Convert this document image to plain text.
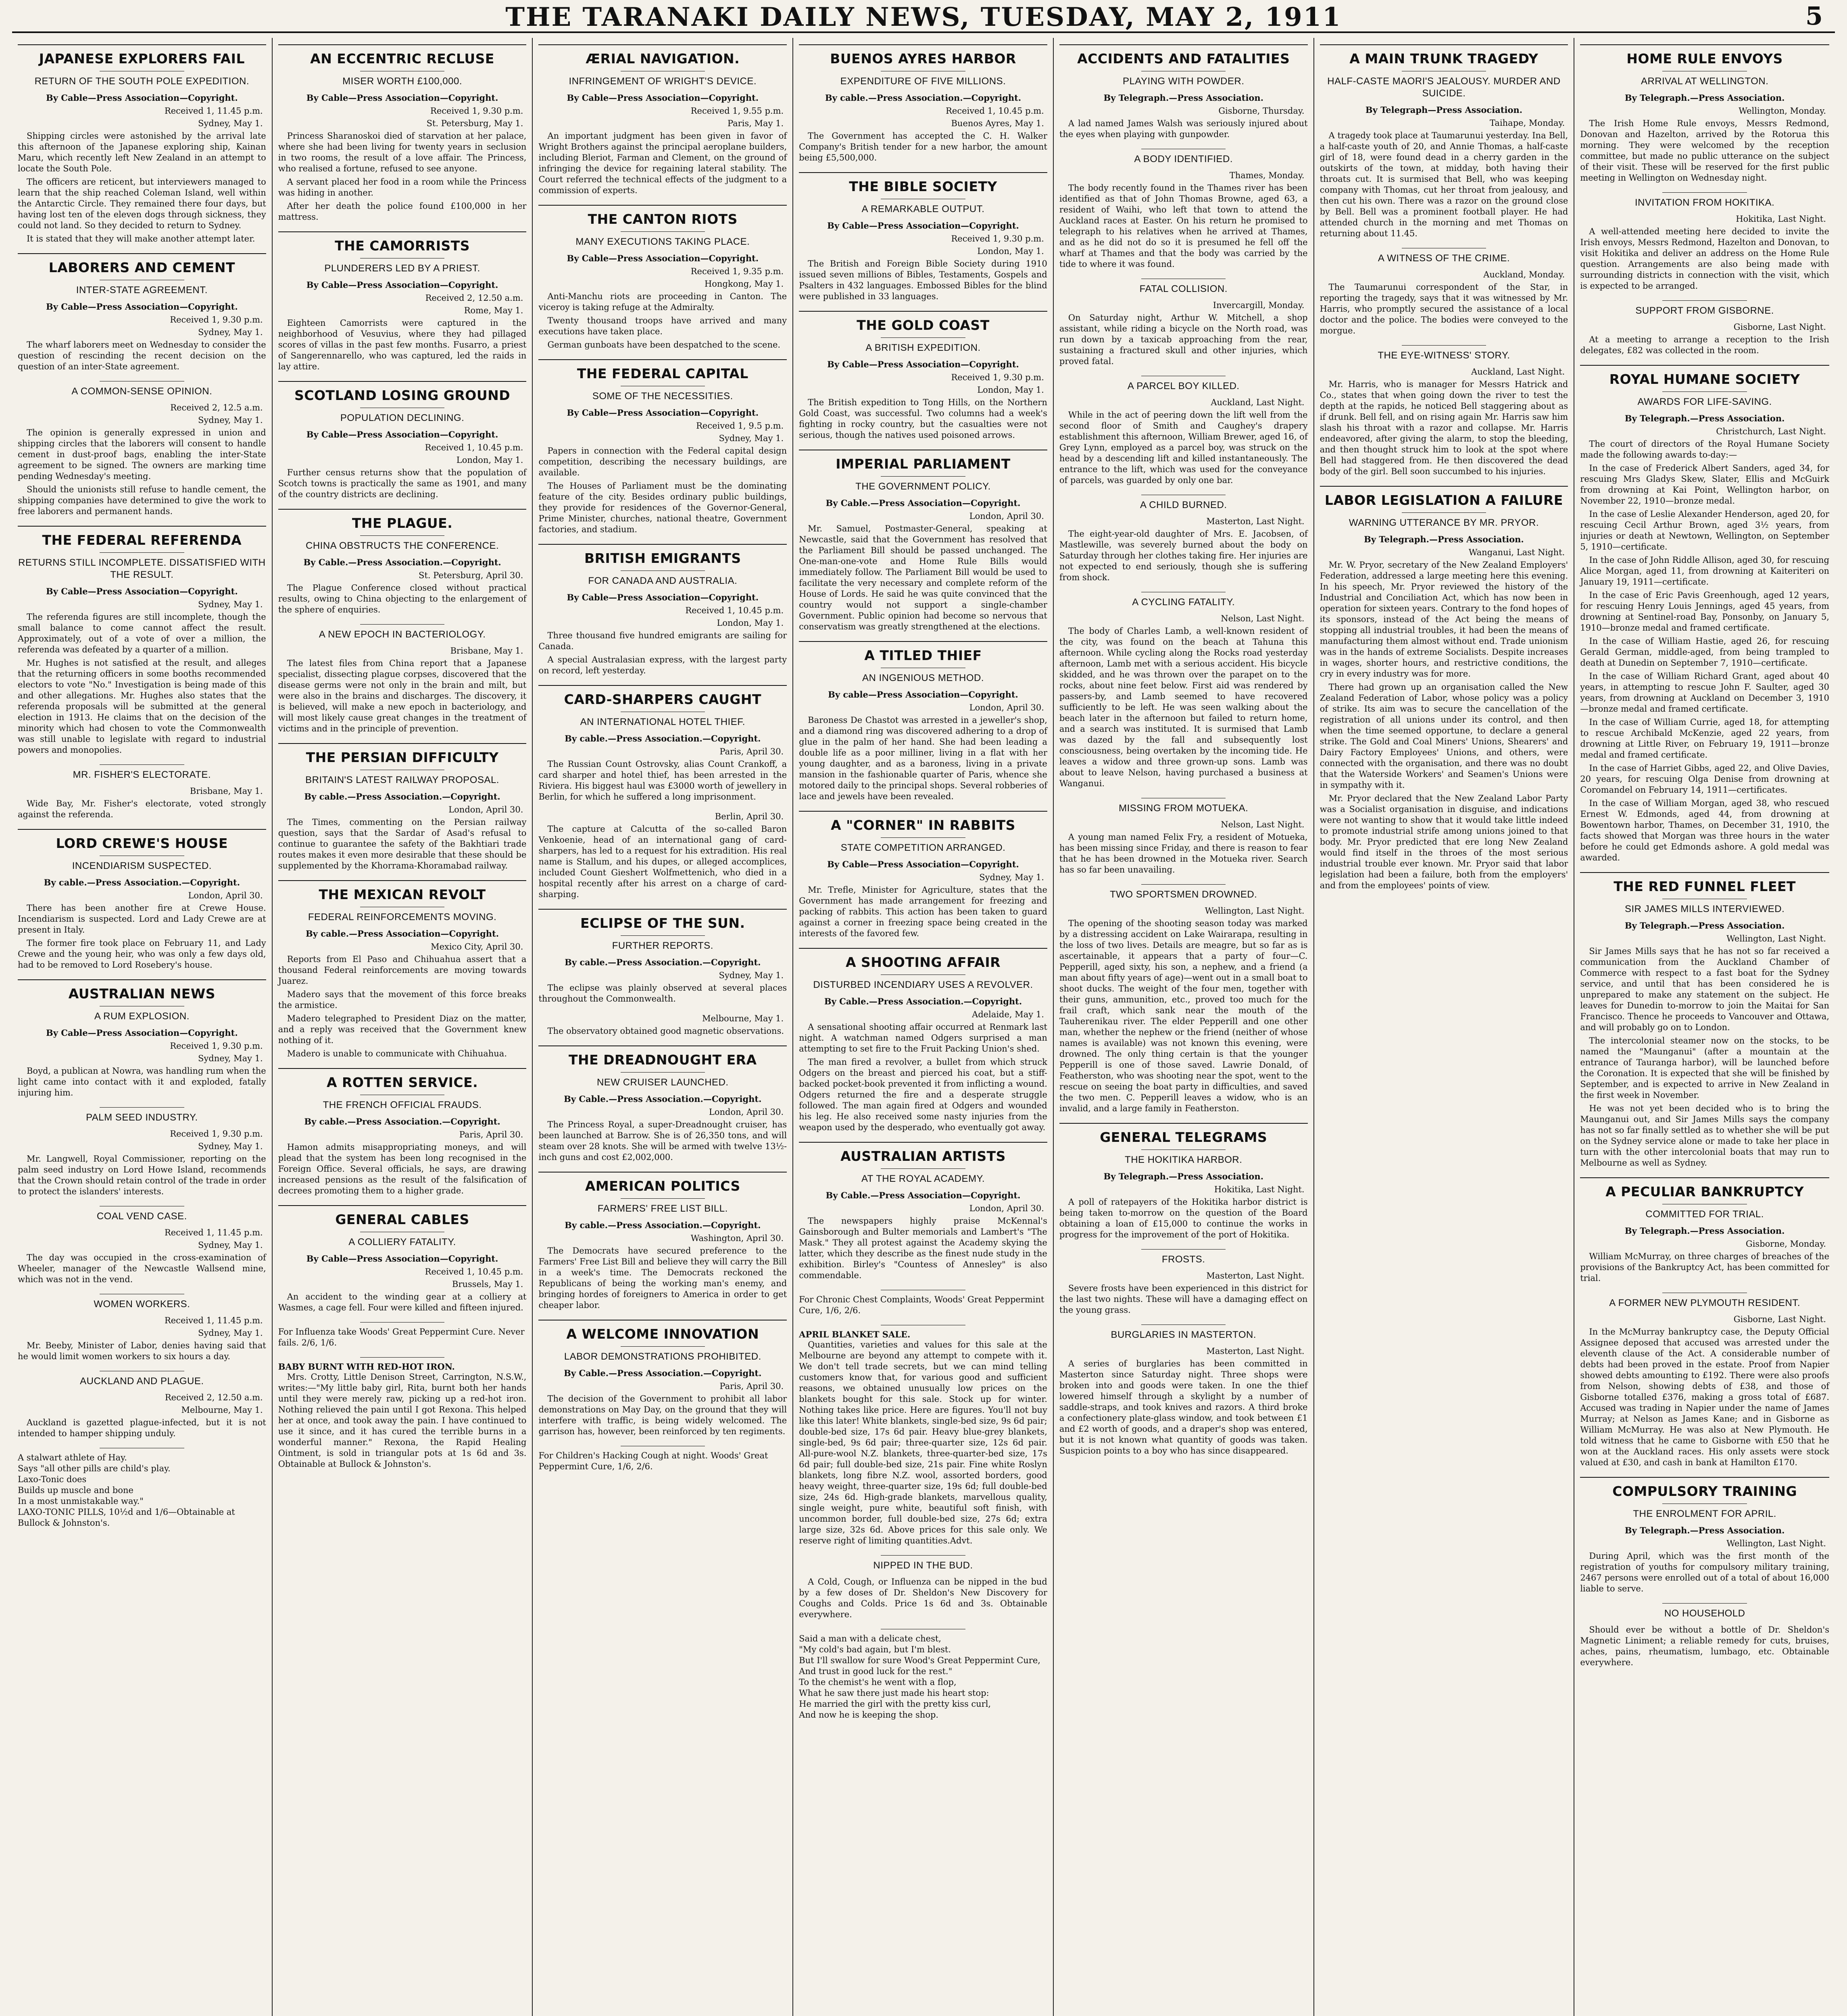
THE TARANAKI DAILY NEWS, TUESDAY, MAY 2, 1911	5
JAPANESE EXPLORERS FAIL
RETURN OF THE SOUTH POLE EXPEDITION.
By Cable—Press Association—Copyright.
Received 1, 11.45 p.m.
Sydney, May 1.
Shipping circles were astonished by the arrival late this afternoon of the Japanese exploring ship, Kainan Maru, which recently left New Zealand in an attempt to locate the South Pole.
The officers are reticent, but interviewers managed to learn that the ship reached Coleman Island, well within the Antarctic Circle. They remained there four days, but having lost ten of the eleven dogs through sickness, they could not land. So they decided to return to Sydney.
It is stated that they will make another attempt later.
LABORERS AND CEMENT
INTER-STATE AGREEMENT.
By Cable—Press Association—Copyright.
Received 1, 9.30 p.m.
Sydney, May 1.
The wharf laborers meet on Wednesday to consider the question of rescinding the recent decision on the question of an inter-State agreement.
A COMMON-SENSE OPINION.
Received 2, 12.5 a.m.
Sydney, May 1.
The opinion is generally expressed in union and shipping circles that the laborers will consent to handle cement in dust-proof bags, enabling the inter-State agreement to be signed. The owners are marking time pending Wednesday's meeting.
Should the unionists still refuse to handle cement, the shipping companies have determined to give the work to free laborers and permanent hands.
THE FEDERAL REFERENDA
RETURNS STILL INCOMPLETE. DISSATISFIED WITH THE RESULT.
By Cable—Press Association—Copyright.
Sydney, May 1.
The referenda figures are still incomplete, though the small balance to come cannot affect the result. Approximately, out of a vote of over a million, the referenda was defeated by a quarter of a million.
Mr. Hughes is not satisfied at the result, and alleges that the returning officers in some booths recommended electors to vote "No." Investigation is being made of this and other allegations. Mr. Hughes also states that the referenda proposals will be submitted at the general election in 1913. He claims that on the decision of the minority which had chosen to vote the Commonwealth was still unable to legislate with regard to industrial powers and monopolies.
MR. FISHER'S ELECTORATE.
Brisbane, May 1.
Wide Bay, Mr. Fisher's electorate, voted strongly against the referenda.
LORD CREWE'S HOUSE
INCENDIARISM SUSPECTED.
By cable.—Press Association.—Copyright.
London, April 30.
There has been another fire at Crewe House. Incendiarism is suspected. Lord and Lady Crewe are at present in Italy.
The former fire took place on February 11, and Lady Crewe and the young heir, who was only a few days old, had to be removed to Lord Rosebery's house.
AUSTRALIAN NEWS
A RUM EXPLOSION.
By Cable—Press Association—Copyright.
Received 1, 9.30 p.m.
Sydney, May 1.
Boyd, a publican at Nowra, was handling rum when the light came into contact with it and exploded, fatally injuring him.
PALM SEED INDUSTRY.
Received 1, 9.30 p.m.
Sydney, May 1.
Mr. Langwell, Royal Commissioner, reporting on the palm seed industry on Lord Howe Island, recommends that the Crown should retain control of the trade in order to protect the islanders' interests.
COAL VEND CASE.
Received 1, 11.45 p.m.
Sydney, May 1.
The day was occupied in the cross-examination of Wheeler, manager of the Newcastle Wallsend mine, which was not in the vend.
WOMEN WORKERS.
Received 1, 11.45 p.m.
Sydney, May 1.
Mr. Beeby, Minister of Labor, denies having said that he would limit women workers to six hours a day.
AUCKLAND AND PLAGUE.
Received 2, 12.50 a.m.
Melbourne, May 1.
Auckland is gazetted plague-infected, but it is not intended to hamper shipping unduly.
A stalwart athlete of Hay.
Says "all other pills are child's play.
Laxo-Tonic does
Builds up muscle and bone
In a most unmistakable way."
LAXO-TONIC PILLS, 10½d and 1/6—Obtainable at Bullock & Johnston's.
AN ECCENTRIC RECLUSE
MISER WORTH £100,000.
By Cable—Press Association—Copyright.
Received 1, 9.30 p.m.
St. Petersburg, May 1.
Princess Sharanoskoi died of starvation at her palace, where she had been living for twenty years in seclusion in two rooms, the result of a love affair. The Princess, who realised a fortune, refused to see anyone.
A servant placed her food in a room while the Princess was hiding in another.
After her death the police found £100,000 in her mattress.
THE CAMORRISTS
PLUNDERERS LED BY A PRIEST.
By Cable—Press Association—Copyright.
Received 2, 12.50 a.m.
Rome, May 1.
Eighteen Camorrists were captured in the neighborhood of Vesuvius, where they had pillaged scores of villas in the past few months. Fusarro, a priest of Sangerennarello, who was captured, led the raids in lay attire.
SCOTLAND LOSING GROUND
POPULATION DECLINING.
By Cable—Press Association—Copyright.
Received 1, 10.45 p.m.
London, May 1.
Further census returns show that the population of Scotch towns is practically the same as 1901, and many of the country districts are declining.
THE PLAGUE.
CHINA OBSTRUCTS THE CONFERENCE.
By Cable.—Press Association.—Copyright.
St. Petersburg, April 30.
The Plague Conference closed without practical results, owing to China objecting to the enlargement of the sphere of enquiries.
A NEW EPOCH IN BACTERIOLOGY.
Brisbane, May 1.
The latest files from China report that a Japanese specialist, dissecting plague corpses, discovered that the disease germs were not only in the brain and milt, but were also in the brains and discharges. The discovery, it is believed, will make a new epoch in bacteriology, and will most likely cause great changes in the treatment of victims and in the principle of prevention.
THE PERSIAN DIFFICULTY
BRITAIN'S LATEST RAILWAY PROPOSAL.
By cable.—Press Association.—Copyright.
London, April 30.
The Times, commenting on the Persian railway question, says that the Sardar of Asad's refusal to continue to guarantee the safety of the Bakhtiari trade routes makes it even more desirable that these should be supplemented by the Khorrama-Khoramabad railway.
THE MEXICAN REVOLT
FEDERAL REINFORCEMENTS MOVING.
By cable.—Press Association—Copyright.
Mexico City, April 30.
Reports from El Paso and Chihuahua assert that a thousand Federal reinforcements are moving towards Juarez.
Madero says that the movement of this force breaks the armistice.
Madero telegraphed to President Diaz on the matter, and a reply was received that the Government knew nothing of it.
Madero is unable to communicate with Chihuahua.
A ROTTEN SERVICE.
THE FRENCH OFFICIAL FRAUDS.
By cable.—Press Association.—Copyright.
Paris, April 30.
Hamon admits misappropriating moneys, and will plead that the system has been long recognised in the Foreign Office. Several officials, he says, are drawing increased pensions as the result of the falsification of decrees promoting them to a higher grade.
GENERAL CABLES
A COLLIERY FATALITY.
By Cable—Press Association—Copyright.
Received 1, 10.45 p.m.
Brussels, May 1.
An accident to the winding gear at a colliery at Wasmes, a cage fell. Four were killed and fifteen injured.
For Influenza take Woods' Great Peppermint Cure. Never fails. 2/6, 1/6.
BABY BURNT WITH RED-HOT IRON.
Mrs. Crotty, Little Denison Street, Carrington, N.S.W., writes:—"My little baby girl, Rita, burnt both her hands until they were merely raw, picking up a red-hot iron. Nothing relieved the pain until I got Rexona. This helped her at once, and took away the pain. I have continued to use it since, and it has cured the terrible burns in a wonderful manner." Rexona, the Rapid Healing Ointment, is sold in triangular pots at 1s 6d and 3s. Obtainable at Bullock & Johnston's.
ÆRIAL NAVIGATION.
INFRINGEMENT OF WRIGHT'S DEVICE.
By Cable—Press Association—Copyright.
Received 1, 9.55 p.m.
Paris, May 1.
An important judgment has been given in favor of Wright Brothers against the principal aeroplane builders, including Bleriot, Farman and Clement, on the ground of infringing the device for regaining lateral stability. The Court referred the technical effects of the judgment to a commission of experts.
THE CANTON RIOTS
MANY EXECUTIONS TAKING PLACE.
By Cable—Press Association—Copyright.
Received 1, 9.35 p.m.
Hongkong, May 1.
Anti-Manchu riots are proceeding in Canton. The viceroy is taking refuge at the Admiralty.
Twenty thousand troops have arrived and many executions have taken place.
German gunboats have been despatched to the scene.
THE FEDERAL CAPITAL
SOME OF THE NECESSITIES.
By Cable—Press Association—Copyright.
Received 1, 9.5 p.m.
Sydney, May 1.
Papers in connection with the Federal capital design competition, describing the necessary buildings, are available.
The Houses of Parliament must be the dominating feature of the city. Besides ordinary public buildings, they provide for residences of the Governor-General, Prime Minister, churches, national theatre, Government factories, and stadium.
BRITISH EMIGRANTS
FOR CANADA AND AUSTRALIA.
By Cable—Press Association—Copyright.
Received 1, 10.45 p.m.
London, May 1.
Three thousand five hundred emigrants are sailing for Canada.
A special Australasian express, with the largest party on record, left yesterday.
CARD-SHARPERS CAUGHT
AN INTERNATIONAL HOTEL THIEF.
By cable.—Press Association.—Copyright.
Paris, April 30.
The Russian Count Ostrovsky, alias Count Crankoff, a card sharper and hotel thief, has been arrested in the Riviera. His biggest haul was £3000 worth of jewellery in Berlin, for which he suffered a long imprisonment.
Berlin, April 30.
The capture at Calcutta of the so-called Baron Venkoenie, head of an international gang of card-sharpers, has led to a request for his extradition. His real name is Stallum, and his dupes, or alleged accomplices, included Count Gieshert Wolfmettenich, who died in a hospital recently after his arrest on a charge of card-sharping.
ECLIPSE OF THE SUN.
FURTHER REPORTS.
By cable.—Press Association.—Copyright.
Sydney, May 1.
The eclipse was plainly observed at several places throughout the Commonwealth.
Melbourne, May 1.
The observatory obtained good magnetic observations.
THE DREADNOUGHT ERA
NEW CRUISER LAUNCHED.
By Cable.—Press Association.—Copyright.
London, April 30.
The Princess Royal, a super-Dreadnought cruiser, has been launched at Barrow. She is of 26,350 tons, and will steam over 28 knots. She will be armed with twelve 13½-inch guns and cost £2,002,000.
AMERICAN POLITICS
FARMERS' FREE LIST BILL.
By cable.—Press Association.—Copyright.
Washington, April 30.
The Democrats have secured preference to the Farmers' Free List Bill and believe they will carry the Bill in a week's time. The Democrats reckoned the Republicans of being the working man's enemy, and bringing hordes of foreigners to America in order to get cheaper labor.
A WELCOME INNOVATION
LABOR DEMONSTRATIONS PROHIBITED.
By Cable.—Press Association.—Copyright.
Paris, April 30.
The decision of the Government to prohibit all labor demonstrations on May Day, on the ground that they will interfere with traffic, is being widely welcomed. The garrison has, however, been reinforced by ten regiments.
For Children's Hacking Cough at night. Woods' Great Peppermint Cure, 1/6, 2/6.
BUENOS AYRES HARBOR
EXPENDITURE OF FIVE MILLIONS.
By cable.—Press Association.—Copyright.
Received 1, 10.45 p.m.
Buenos Ayres, May 1.
The Government has accepted the C. H. Walker Company's British tender for a new harbor, the amount being £5,500,000.
THE BIBLE SOCIETY
A REMARKABLE OUTPUT.
By Cable—Press Association—Copyright.
Received 1, 9.30 p.m.
London, May 1.
The British and Foreign Bible Society during 1910 issued seven millions of Bibles, Testaments, Gospels and Psalters in 432 languages. Embossed Bibles for the blind were published in 33 languages.
THE GOLD COAST
A BRITISH EXPEDITION.
By Cable—Press Association—Copyright.
Received 1, 9.30 p.m.
London, May 1.
The British expedition to Tong Hills, on the Northern Gold Coast, was successful. Two columns had a week's fighting in rocky country, but the casualties were not serious, though the natives used poisoned arrows.
IMPERIAL PARLIAMENT
THE GOVERNMENT POLICY.
By Cable.—Press Association—Copyright.
London, April 30.
Mr. Samuel, Postmaster-General, speaking at Newcastle, said that the Government has resolved that the Parliament Bill should be passed unchanged. The One-man-one-vote and Home Rule Bills would immediately follow. The Parliament Bill would be used to facilitate the very necessary and complete reform of the House of Lords. He said he was quite convinced that the country would not support a single-chamber Government. Public opinion had become so nervous that conservatism was greatly strengthened at the elections.
A TITLED THIEF
AN INGENIOUS METHOD.
By cable—Press Association—Copyright.
London, April 30.
Baroness De Chastot was arrested in a jeweller's shop, and a diamond ring was discovered adhering to a drop of glue in the palm of her hand. She had been leading a double life as a poor milliner, living in a flat with her young daughter, and as a baroness, living in a private mansion in the fashionable quarter of Paris, whence she motored daily to the principal shops. Several robberies of lace and jewels have been revealed.
A "CORNER" IN RABBITS
STATE COMPETITION ARRANGED.
By Cable—Press Association—Copyright.
Sydney, May 1.
Mr. Trefle, Minister for Agriculture, states that the Government has made arrangement for freezing and packing of rabbits. This action has been taken to guard against a corner in freezing space being created in the interests of the favored few.
A SHOOTING AFFAIR
DISTURBED INCENDIARY USES A REVOLVER.
By Cable.—Press Association.—Copyright.
Adelaide, May 1.
A sensational shooting affair occurred at Renmark last night. A watchman named Odgers surprised a man attempting to set fire to the Fruit Packing Union's shed.
The man fired a revolver, a bullet from which struck Odgers on the breast and pierced his coat, but a stiff-backed pocket-book prevented it from inflicting a wound. Odgers returned the fire and a desperate struggle followed. The man again fired at Odgers and wounded his leg. He also received some nasty injuries from the weapon used by the desperado, who eventually got away.
AUSTRALIAN ARTISTS
AT THE ROYAL ACADEMY.
By Cable.—Press Association—Copyright.
London, April 30.
The newspapers highly praise McKennal's Gainsborough and Bulter memorials and Lambert's "The Mask." They all protest against the Academy skying the latter, which they describe as the finest nude study in the exhibition. Birley's "Countess of Annesley" is also commendable.
For Chronic Chest Complaints, Woods' Great Peppermint Cure, 1/6, 2/6.
APRIL BLANKET SALE.
Quantities, varieties and values for this sale at the Melbourne are beyond any attempt to compete with it. We don't tell trade secrets, but we can mind telling customers know that, for various good and sufficient reasons, we obtained unusually low prices on the blankets bought for this sale. Stock up for winter. Nothing takes like price. Here are figures. You'll not buy like this later! White blankets, single-bed size, 9s 6d pair; double-bed size, 17s 6d pair. Heavy blue-grey blankets, single-bed, 9s 6d pair; three-quarter size, 12s 6d pair. All-pure-wool N.Z. blankets, three-quarter-bed size, 17s 6d pair; full double-bed size, 21s pair. Fine white Roslyn blankets, long fibre N.Z. wool, assorted borders, good heavy weight, three-quarter size, 19s 6d; full double-bed size, 24s 6d. High-grade blankets, marvellous quality, single weight, pure white, beautiful soft finish, with uncommon border, full double-bed size, 27s 6d; extra large size, 32s 6d. Above prices for this sale only. We reserve right of limiting quantities.Advt.
NIPPED IN THE BUD.
A Cold, Cough, or Influenza can be nipped in the bud by a few doses of Dr. Sheldon's New Discovery for Coughs and Colds. Price 1s 6d and 3s. Obtainable everywhere.
Said a man with a delicate chest,
"My cold's bad again, but I'm blest.
But I'll swallow for sure Wood's Great Peppermint Cure,
And trust in good luck for the rest."
To the chemist's he went with a flop,
What he saw there just made his heart stop:
He married the girl with the pretty kiss curl,
And now he is keeping the shop.
ACCIDENTS AND FATALITIES
PLAYING WITH POWDER.
By Telegraph.—Press Association.
Gisborne, Thursday.
A lad named James Walsh was seriously injured about the eyes when playing with gunpowder.
A BODY IDENTIFIED.
Thames, Monday.
The body recently found in the Thames river has been identified as that of John Thomas Browne, aged 63, a resident of Waihi, who left that town to attend the Auckland races at Easter. On his return he promised to telegraph to his relatives when he arrived at Thames, and as he did not do so it is presumed he fell off the wharf at Thames and that the body was carried by the tide to where it was found.
FATAL COLLISION.
Invercargill, Monday.
On Saturday night, Arthur W. Mitchell, a shop assistant, while riding a bicycle on the North road, was run down by a taxicab approaching from the rear, sustaining a fractured skull and other injuries, which proved fatal.
A PARCEL BOY KILLED.
Auckland, Last Night.
While in the act of peering down the lift well from the second floor of Smith and Caughey's drapery establishment this afternoon, William Brewer, aged 16, of Grey Lynn, employed as a parcel boy, was struck on the head by a descending lift and killed instantaneously. The entrance to the lift, which was used for the conveyance of parcels, was guarded by only one bar.
A CHILD BURNED.
Masterton, Last Night.
The eight-year-old daughter of Mrs. E. Jacobsen, of Mastlewille, was severely burned about the body on Saturday through her clothes taking fire. Her injuries are not expected to end seriously, though she is suffering from shock.
A CYCLING FATALITY.
Nelson, Last Night.
The body of Charles Lamb, a well-known resident of the city, was found on the beach at Tahuna this afternoon. While cycling along the Rocks road yesterday afternoon, Lamb met with a serious accident. His bicycle skidded, and he was thrown over the parapet on to the rocks, about nine feet below. First aid was rendered by passers-by, and Lamb seemed to have recovered sufficiently to be left. He was seen walking about the beach later in the afternoon but failed to return home, and a search was instituted. It is surmised that Lamb was dazed by the fall and subsequently lost consciousness, being overtaken by the incoming tide. He leaves a widow and three grown-up sons. Lamb was about to leave Nelson, having purchased a business at Wanganui.
MISSING FROM MOTUEKA.
Nelson, Last Night.
A young man named Felix Fry, a resident of Motueka, has been missing since Friday, and there is reason to fear that he has been drowned in the Motueka river. Search has so far been unavailing.
TWO SPORTSMEN DROWNED.
Wellington, Last Night.
The opening of the shooting season today was marked by a distressing accident on Lake Wairarapa, resulting in the loss of two lives. Details are meagre, but so far as is ascertainable, it appears that a party of four—C. Pepperill, aged sixty, his son, a nephew, and a friend (a man about fifty years of age)—went out in a small boat to shoot ducks. The weight of the four men, together with their guns, ammunition, etc., proved too much for the frail craft, which sank near the mouth of the Tauherenikau river. The elder Pepperill and one other man, whether the nephew or the friend (neither of whose names is available) was not known this evening, were drowned. The only thing certain is that the younger Pepperill is one of those saved. Lawrie Donald, of Featherston, who was shooting near the spot, went to the rescue on seeing the boat party in difficulties, and saved the two men. C. Pepperill leaves a widow, who is an invalid, and a large family in Featherston.
GENERAL TELEGRAMS
THE HOKITIKA HARBOR.
By Telegraph.—Press Association.
Hokitika, Last Night.
A poll of ratepayers of the Hokitika harbor district is being taken to-morrow on the question of the Board obtaining a loan of £15,000 to continue the works in progress for the improvement of the port of Hokitika.
FROSTS.
Masterton, Last Night.
Severe frosts have been experienced in this district for the last two nights. These will have a damaging effect on the young grass.
BURGLARIES IN MASTERTON.
Masterton, Last Night.
A series of burglaries has been committed in Masterton since Saturday night. Three shops were broken into and goods were taken. In one the thief lowered himself through a skylight by a number of saddle-straps, and took knives and razors. A third broke a confectionery plate-glass window, and took between £1 and £2 worth of goods, and a draper's shop was entered, but it is not known what quantity of goods was taken. Suspicion points to a boy who has since disappeared.
A MAIN TRUNK TRAGEDY
HALF-CASTE MAORI'S JEALOUSY. MURDER AND SUICIDE.
By Telegraph—Press Association.
Taihape, Monday.
A tragedy took place at Taumarunui yesterday. Ina Bell, a half-caste youth of 20, and Annie Thomas, a half-caste girl of 18, were found dead in a cherry garden in the outskirts of the town, at midday, both having their throats cut. It is surmised that Bell, who was keeping company with Thomas, cut her throat from jealousy, and then cut his own. There was a razor on the ground close by Bell. Bell was a prominent football player. He had attended church in the morning and met Thomas on returning about 11.45.
A WITNESS OF THE CRIME.
Auckland, Monday.
The Taumarunui correspondent of the Star, in reporting the tragedy, says that it was witnessed by Mr. Harris, who promptly secured the assistance of a local doctor and the police. The bodies were conveyed to the morgue.
THE EYE-WITNESS' STORY.
Auckland, Last Night.
Mr. Harris, who is manager for Messrs Hatrick and Co., states that when going down the river to test the depth at the rapids, he noticed Bell staggering about as if drunk. Bell fell, and on rising again Mr. Harris saw him slash his throat with a razor and collapse. Mr. Harris endeavored, after giving the alarm, to stop the bleeding, and then thought struck him to look at the spot where Bell had staggered from. He then discovered the dead body of the girl. Bell soon succumbed to his injuries.
LABOR LEGISLATION A FAILURE
WARNING UTTERANCE BY MR. PRYOR.
By Telegraph.—Press Association.
Wanganui, Last Night.
Mr. W. Pryor, secretary of the New Zealand Employers' Federation, addressed a large meeting here this evening. In his speech, Mr. Pryor reviewed the history of the Industrial and Conciliation Act, which has now been in operation for sixteen years. Contrary to the fond hopes of its sponsors, instead of the Act being the means of stopping all industrial troubles, it had been the means of manufacturing them almost without end. Trade unionism was in the hands of extreme Socialists. Despite increases in wages, shorter hours, and restrictive conditions, the cry in every industry was for more.
There had grown up an organisation called the New Zealand Federation of Labor, whose policy was a policy of strike. Its aim was to secure the cancellation of the registration of all unions under its control, and then when the time seemed opportune, to declare a general strike. The Gold and Coal Miners' Unions, Shearers' and Dairy Factory Employees' Unions, and others, were connected with the organisation, and there was no doubt that the Waterside Workers' and Seamen's Unions were in sympathy with it.
Mr. Pryor declared that the New Zealand Labor Party was a Socialist organisation in disguise, and indications were not wanting to show that it would take little indeed to promote industrial strife among unions joined to that body. Mr. Pryor predicted that ere long New Zealand would find itself in the throes of the most serious industrial trouble ever known. Mr. Pryor said that labor legislation had been a failure, both from the employers' and from the employees' points of view.
HOME RULE ENVOYS
ARRIVAL AT WELLINGTON.
By Telegraph.—Press Association.
Wellington, Monday.
The Irish Home Rule envoys, Messrs Redmond, Donovan and Hazelton, arrived by the Rotorua this morning. They were welcomed by the reception committee, but made no public utterance on the subject of their visit. These will be reserved for the first public meeting in Wellington on Wednesday night.
INVITATION FROM HOKITIKA.
Hokitika, Last Night.
A well-attended meeting here decided to invite the Irish envoys, Messrs Redmond, Hazelton and Donovan, to visit Hokitika and deliver an address on the Home Rule question. Arrangements are also being made with surrounding districts in connection with the visit, which is expected to be arranged.
SUPPORT FROM GISBORNE.
Gisborne, Last Night.
At a meeting to arrange a reception to the Irish delegates, £82 was collected in the room.
ROYAL HUMANE SOCIETY
AWARDS FOR LIFE-SAVING.
By Telegraph.—Press Association.
Christchurch, Last Night.
The court of directors of the Royal Humane Society made the following awards to-day:—
In the case of Frederick Albert Sanders, aged 34, for rescuing Mrs Gladys Skew, Slater, Ellis and McGuirk from drowning at Kai Point, Wellington harbor, on November 22, 1910—bronze medal.
In the case of Leslie Alexander Henderson, aged 20, for rescuing Cecil Arthur Brown, aged 3½ years, from injuries or death at Newtown, Wellington, on September 5, 1910—certificate.
In the case of John Riddle Allison, aged 30, for rescuing Alice Morgan, aged 11, from drowning at Kaiteriteri on January 19, 1911—certificate.
In the case of Eric Pavis Greenhough, aged 12 years, for rescuing Henry Louis Jennings, aged 45 years, from drowning at Sentinel-road Bay, Ponsonby, on January 5, 1910—bronze medal and framed certificate.
In the case of William Hastie, aged 26, for rescuing Gerald German, middle-aged, from being trampled to death at Dunedin on September 7, 1910—certificate.
In the case of William Richard Grant, aged about 40 years, in attempting to rescue John F. Saulter, aged 30 years, from drowning at Auckland on December 3, 1910—bronze medal and framed certificate.
In the case of William Currie, aged 18, for attempting to rescue Archibald McKenzie, aged 22 years, from drowning at Little River, on February 19, 1911—bronze medal and framed certificate.
In the case of Harriet Gibbs, aged 22, and Olive Davies, 20 years, for rescuing Olga Denise from drowning at Coromandel on February 14, 1911—certificates.
In the case of William Morgan, aged 38, who rescued Ernest W. Edmonds, aged 44, from drowning at Bowentown harbor, Thames, on December 31, 1910, the facts showed that Morgan was three hours in the water before he could get Edmonds ashore. A gold medal was awarded.
THE RED FUNNEL FLEET
SIR JAMES MILLS INTERVIEWED.
By Telegraph.—Press Association.
Wellington, Last Night.
Sir James Mills says that he has not so far received a communication from the Auckland Chamber of Commerce with respect to a fast boat for the Sydney service, and until that has been considered he is unprepared to make any statement on the subject. He leaves for Dunedin to-morrow to join the Maitai for San Francisco. Thence he proceeds to Vancouver and Ottawa, and will probably go on to London.
The intercolonial steamer now on the stocks, to be named the "Maunganui" (after a mountain at the entrance of Tauranga harbor), will be launched before the Coronation. It is expected that she will be finished by September, and is expected to arrive in New Zealand in the first week in November.
He was not yet been decided who is to bring the Maunganui out, and Sir James Mills says the company has not so far finally settled as to whether she will be put on the Sydney service alone or made to take her place in turn with the other intercolonial boats that may run to Melbourne as well as Sydney.
A PECULIAR BANKRUPTCY
COMMITTED FOR TRIAL.
By Telegraph.—Press Association.
Gisborne, Monday.
William McMurray, on three charges of breaches of the provisions of the Bankruptcy Act, has been committed for trial.
A FORMER NEW PLYMOUTH RESIDENT.
Gisborne, Last Night.
In the McMurray bankruptcy case, the Deputy Official Assignee deposed that accused was arrested under the eleventh clause of the Act. A considerable number of debts had been proved in the estate. Proof from Napier showed debts amounting to £192. There were also proofs from Nelson, showing debts of £38, and those of Gisborne totalled £376, making a gross total of £687. Accused was trading in Napier under the name of James Murray; at Nelson as James Kane; and in Gisborne as William McMurray. He was also at New Plymouth. He told witness that he came to Gisborne with £50 that he won at the Auckland races. His only assets were stock valued at £30, and cash in bank at Hamilton £170.
COMPULSORY TRAINING
THE ENROLMENT FOR APRIL.
By Telegraph.—Press Association.
Wellington, Last Night.
During April, which was the first month of the registration of youths for compulsory military training, 2467 persons were enrolled out of a total of about 16,000 liable to serve.
NO HOUSEHOLD
Should ever be without a bottle of Dr. Sheldon's Magnetic Liniment; a reliable remedy for cuts, bruises, aches, pains, rheumatism, lumbago, etc. Obtainable everywhere.
